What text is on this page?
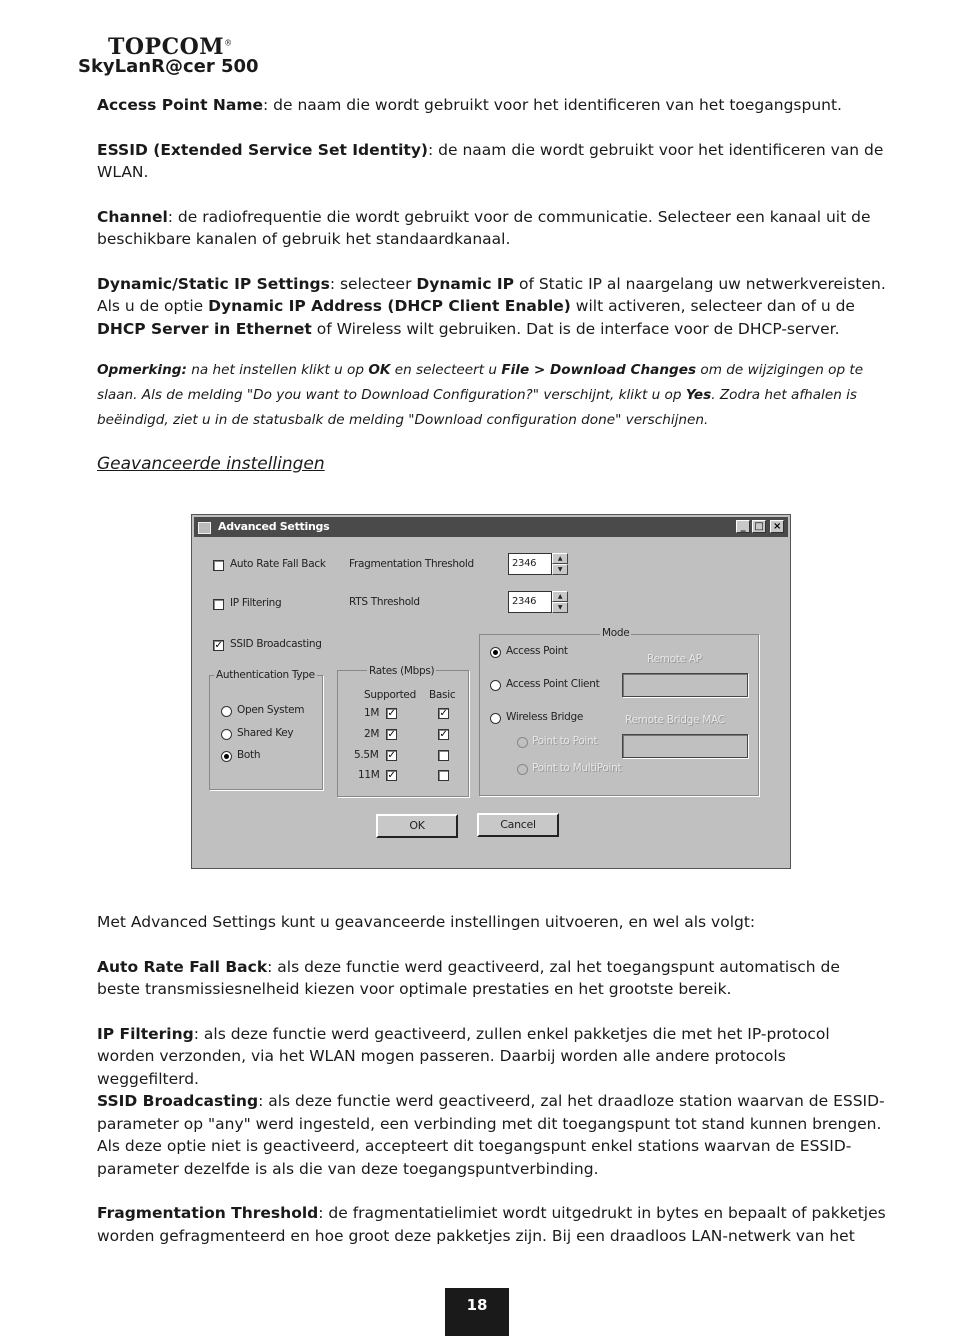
TOPCOM®
SkyLanR@cer 500

Access Point Name: de naam die wordt gebruikt voor het identificeren van het toegangspunt.

ESSID (Extended Service Set Identity): de naam die wordt gebruikt voor het identificeren van de WLAN.

Channel: de radiofrequentie die wordt gebruikt voor de communicatie. Selecteer een kanaal uit de beschikbare kanalen of gebruik het standaardkanaal.

Dynamic/Static IP Settings: selecteer Dynamic IP of Static IP al naargelang uw netwerkvereisten. Als u de optie Dynamic IP Address (DHCP Client Enable) wilt activeren, selecteer dan of u de DHCP Server in Ethernet of Wireless wilt gebruiken. Dat is de interface voor de DHCP-server.

Opmerking: na het instellen klikt u op OK en selecteert u File > Download Changes om de wijzigingen op te slaan. Als de melding "Do you want to Download Configuration?" verschijnt, klikt u op Yes. Zodra het afhalen is beëindigd, ziet u in de statusbalk de melding "Download configuration done" verschijnen.

Geavanceerde instellingen

Advanced Settings	_ □ ×
Auto Rate Fall Back
IP Filtering
✓ SSID Broadcasting
Fragmentation Threshold	2346	▲
▼
RTS Threshold	2346	▲
▼
Authentication Type
Open System
Shared Key
Both
Rates (Mbps)
Supported Basic
1M ✓	✓
2M ✓	✓
5.5M ✓
11M ✓
Mode
Access Point
Access Point Client
Wireless Bridge
Remote AP
Remote Bridge MAC
Point to Point
Point to MultiPoint
OK	Cancel

Met Advanced Settings kunt u geavanceerde instellingen uitvoeren, en wel als volgt:

Auto Rate Fall Back: als deze functie werd geactiveerd, zal het toegangspunt automatisch de beste transmissiesnelheid kiezen voor optimale prestaties en het grootste bereik.

IP Filtering: als deze functie werd geactiveerd, zullen enkel pakketjes die met het IP-protocol worden verzonden, via het WLAN mogen passeren. Daarbij worden alle andere protocols weggefilterd.

SSID Broadcasting: als deze functie werd geactiveerd, zal het draadloze station waarvan de ESSID-parameter op "any" werd ingesteld, een verbinding met dit toegangspunt tot stand kunnen brengen. Als deze optie niet is geactiveerd, accepteert dit toegangspunt enkel stations waarvan de ESSID-parameter dezelfde is als die van deze toegangspuntverbinding.

Fragmentation Threshold: de fragmentatielimiet wordt uitgedrukt in bytes en bepaalt of pakketjes worden gefragmenteerd en hoe groot deze pakketjes zijn. Bij een draadloos LAN-netwerk van het

18
